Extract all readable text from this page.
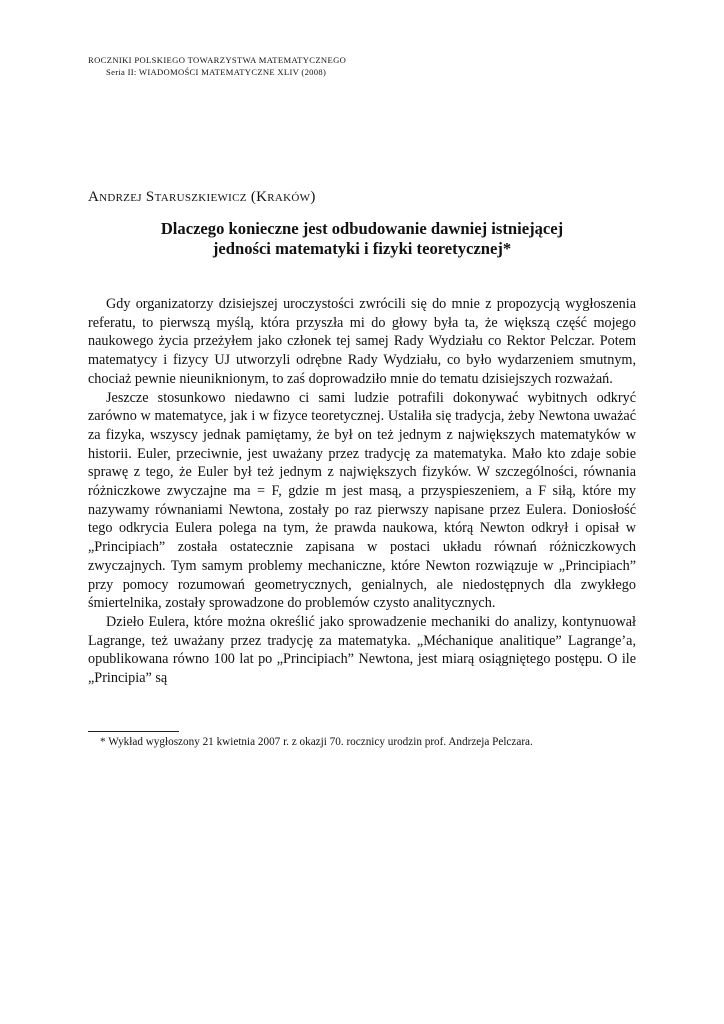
ROCZNIKI POLSKIEGO TOWARZYSTWA MATEMATYCZNEGO
Seria II: WIADOMOŚCI MATEMATYCZNE XLIV (2008)
Andrzej Staruszkiewicz (Kraków)
Dlaczego konieczne jest odbudowanie dawniej istniejącej
jedności matematyki i fizyki teoretycznej*

Gdy organizatorzy dzisiejszej uroczystości zwrócili się do mnie z propozycją wygłoszenia referatu, to pierwszą myślą, która przyszła mi do głowy była ta, że większą część mojego naukowego życia przeżyłem jako członek tej samej Rady Wydziału co Rektor Pelczar. Potem matematycy i fizycy UJ utworzyli odrębne Rady Wydziału, co było wydarzeniem smutnym, chociaż pewnie nieuniknionym, to zaś doprowadziło mnie do tematu dzisiejszych rozważań.

Jeszcze stosunkowo niedawno ci sami ludzie potrafili dokonywać wybitnych odkryć zarówno w matematyce, jak i w fizyce teoretycznej. Ustaliła się tradycja, żeby Newtona uważać za fizyka, wszyscy jednak pamiętamy, że był on też jednym z największych matematyków w historii. Euler, przeciwnie, jest uważany przez tradycję za matematyka. Mało kto zdaje sobie sprawę z tego, że Euler był też jednym z największych fizyków. W szczególności, równania różniczkowe zwyczajne ma = F, gdzie m jest masą, a przyspieszeniem, a F siłą, które my nazywamy równaniami Newtona, zostały po raz pierwszy napisane przez Eulera. Doniosłość tego odkrycia Eulera polega na tym, że prawda naukowa, którą Newton odkrył i opisał w „Principiach” została ostatecznie zapisana w postaci układu równań różniczkowych zwyczajnych. Tym samym problemy mechaniczne, które Newton rozwiązuje w „Principiach” przy pomocy rozumowań geometrycznych, genialnych, ale niedostępnych dla zwykłego śmiertelnika, zostały sprowadzone do problemów czysto analitycznych.

Dzieło Eulera, które można określić jako sprowadzenie mechaniki do analizy, kontynuował Lagrange, też uważany przez tradycję za matematyka. „Méchanique analitique” Lagrange’a, opublikowana równo 100 lat po „Principiach” Newtona, jest miarą osiągniętego postępu. O ile „Principia” są

* Wykład wygłoszony 21 kwietnia 2007 r. z okazji 70. rocznicy urodzin prof. Andrzeja Pelczara.
